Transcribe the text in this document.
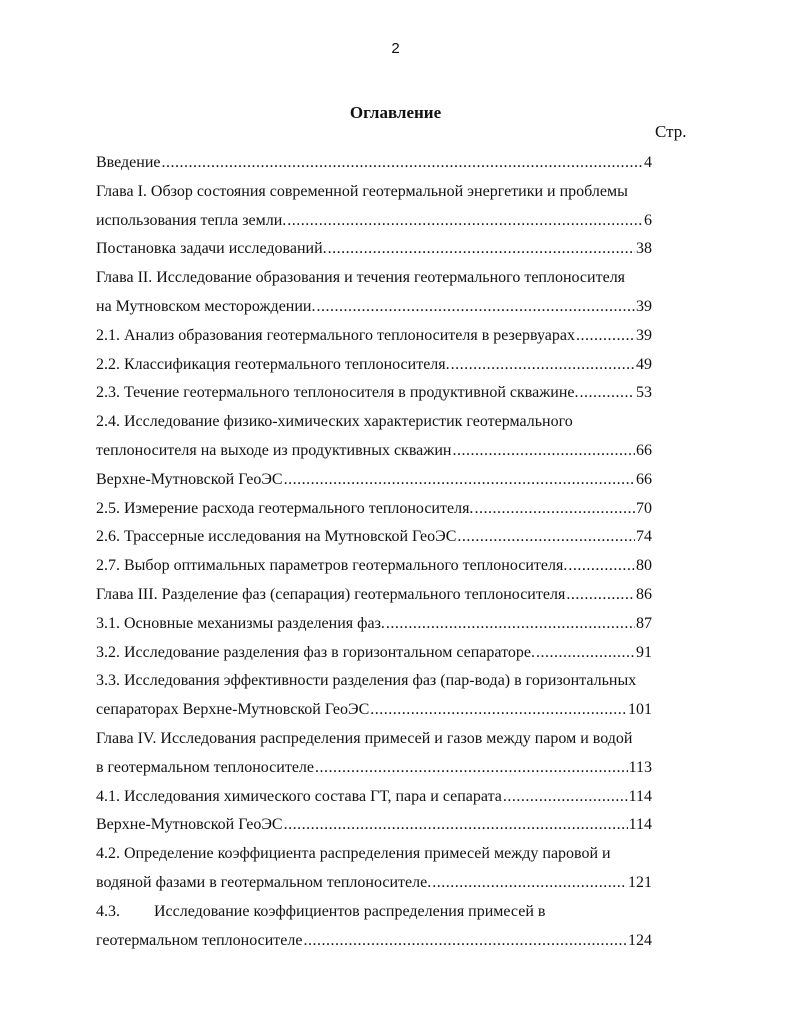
2
Оглавление
Стр.
Введение .....	4
Глава I. Обзор состояния современной геотермальной энергетики и проблемы
использования тепла земли. .....	6
Постановка задачи исследований. .....	38
Глава II. Исследование образования и течения геотермального теплоносителя
на Мутновском месторождении. .....	39
2.1. Анализ образования геотермального теплоносителя в резервуарах .....	39
2.2. Классификация геотермального теплоносителя. .....	49
2.3. Течение геотермального теплоносителя в продуктивной скважине. .....	53
2.4. Исследование физико-химических характеристик геотермального
теплоносителя на выходе из продуктивных скважин .....	66
Верхне-Мутновской ГеоЭС .....	66
2.5. Измерение расхода геотермального теплоносителя. .....	70
2.6. Трассерные исследования на Мутновской ГеоЭС .....	74
2.7. Выбор оптимальных параметров геотермального теплоносителя. .....	80
Глава III. Разделение фаз (сепарация) геотермального теплоносителя .....	86
3.1. Основные механизмы разделения фаз. .....	87
3.2. Исследование разделения фаз в горизонтальном сепараторе. .....	91
3.3. Исследования эффективности разделения фаз (пар-вода) в горизонтальных
сепараторах Верхне-Мутновской ГеоЭС .....	101
Глава IV. Исследования распределения примесей и газов между паром и водой
в геотермальном теплоносителе .....	113
4.1. Исследования химического состава ГТ, пара и сепарата .....	114
Верхне-Мутновской ГеоЭС .....	114
4.2. Определение коэффициента распределения примесей между паровой и
водяной фазами в геотермальном теплоносителе. .....	121
4.3.	Исследование коэффициентов распределения примесей в
геотермальном теплоносителе .....	124
